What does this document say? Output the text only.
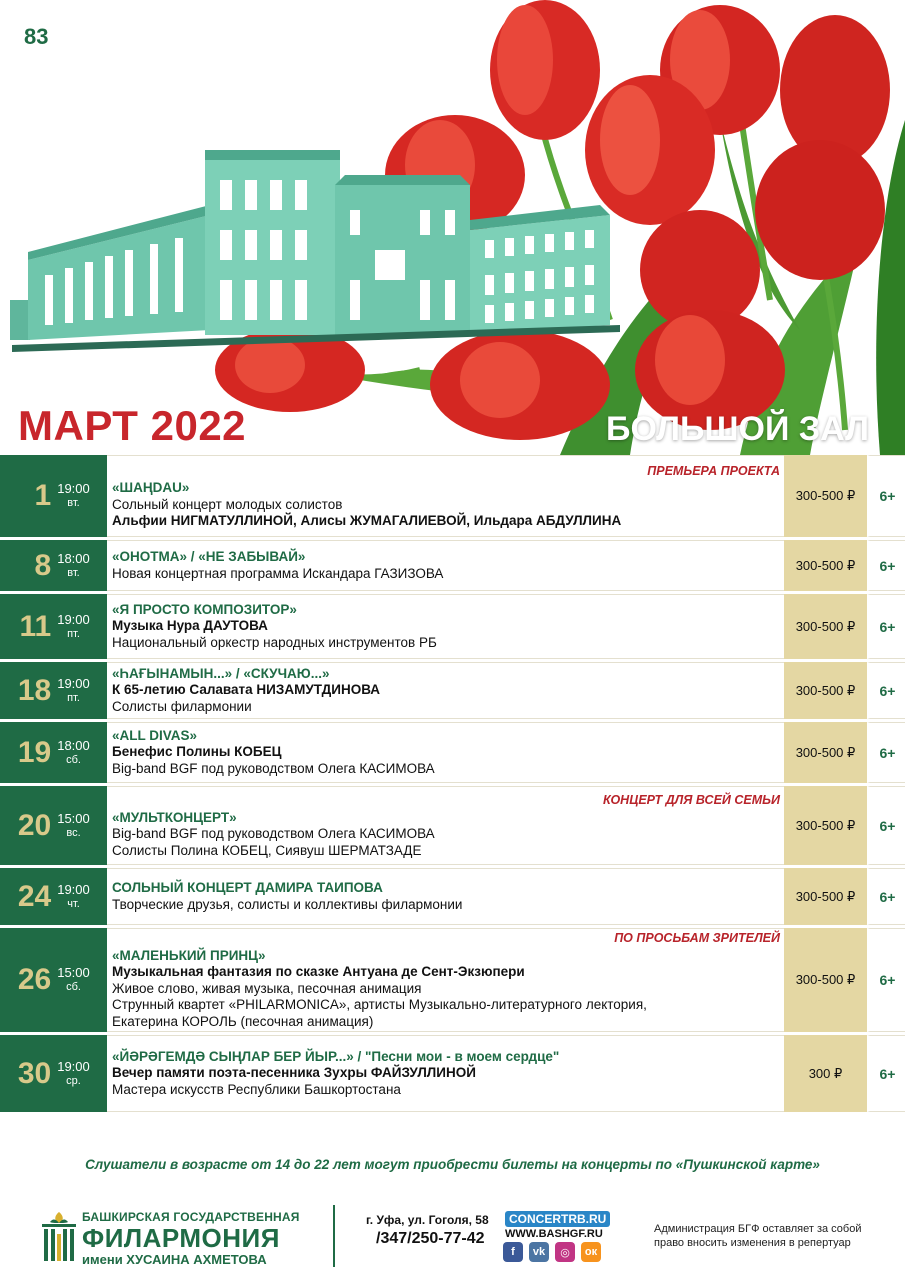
83
МАРТ 2022	БОЛЬШОЙ ЗАЛ
1 19:00
вт.
ПРЕМЬЕРА ПРОЕКТА
«ШАҢDAU»
Сольный концерт молодых солистов
Альфии НИГМАТУЛЛИНОЙ, Алисы ЖУМАГАЛИЕВОЙ, Ильдара АБДУЛЛИНА
300-500 ₽	6+
8 18:00
вт.
«ОНОТМА» / «НЕ ЗАБЫВАЙ»
Новая концертная программа Искандара ГАЗИЗОВА
300-500 ₽	6+
11 19:00
пт.
«Я ПРОСТО КОМПОЗИТОР»
Музыка Нура ДАУТОВА
Национальный оркестр народных инструментов РБ
300-500 ₽	6+
18 19:00
пт.
«ҺАҒЫНАМЫН...» / «СКУЧАЮ...»
К 65-летию Салавата НИЗАМУТДИНОВА
Солисты филармонии
300-500 ₽	6+
19 18:00
сб.
«ALL DIVAS»
Бенефис Полины КОБЕЦ
Big-band BGF под руководством Олега КАСИМОВА
300-500 ₽	6+
20 15:00
вс.
КОНЦЕРТ ДЛЯ ВСЕЙ СЕМЬИ
«МУЛЬТКОНЦЕРТ»
Big-band BGF под руководством Олега КАСИМОВА
Солисты Полина КОБЕЦ, Сиявуш ШЕРМАТЗАДЕ
300-500 ₽	6+
24 19:00
чт.
СОЛЬНЫЙ КОНЦЕРТ ДАМИРА ТАИПОВА
Творческие друзья, солисты и коллективы филармонии
300-500 ₽	6+
26 15:00
сб.
ПО ПРОСЬБАМ ЗРИТЕЛЕЙ
«МАЛЕНЬКИЙ ПРИНЦ»
Музыкальная фантазия по сказке Антуана де Сент-Экзюпери
Живое слово, живая музыка, песочная анимация
Струнный квартет «PHILARMONICA», артисты Музыкально-литературного лектория,
Екатерина КОРОЛЬ (песочная анимация)
300-500 ₽	6+
30 19:00
ср.
«ЙӘРӘГЕМДӘ СЫҢЛАР БЕР ЙЫР...» / "Песни мои - в моем сердце"
Вечер памяти поэта-песенника Зухры ФАЙЗУЛЛИНОЙ
Мастера искусств Республики Башкортостана
300 ₽	6+
Слушатели в возрасте от 14 до 22 лет могут приобрести билеты на концерты по «Пушкинской карте»
БАШКИРСКАЯ ГОСУДАРСТВЕННАЯ
ФИЛАРМОНИЯ
имени ХУСАИНА АХМЕТОВА
г. Уфа, ул. Гоголя, 58
/347/250-77-42
CONCERTRB.RU
WWW.BASHGF.RU
f	vk	◎	ок
Администрация БГФ оставляет за собой право вносить изменения в репертуар
